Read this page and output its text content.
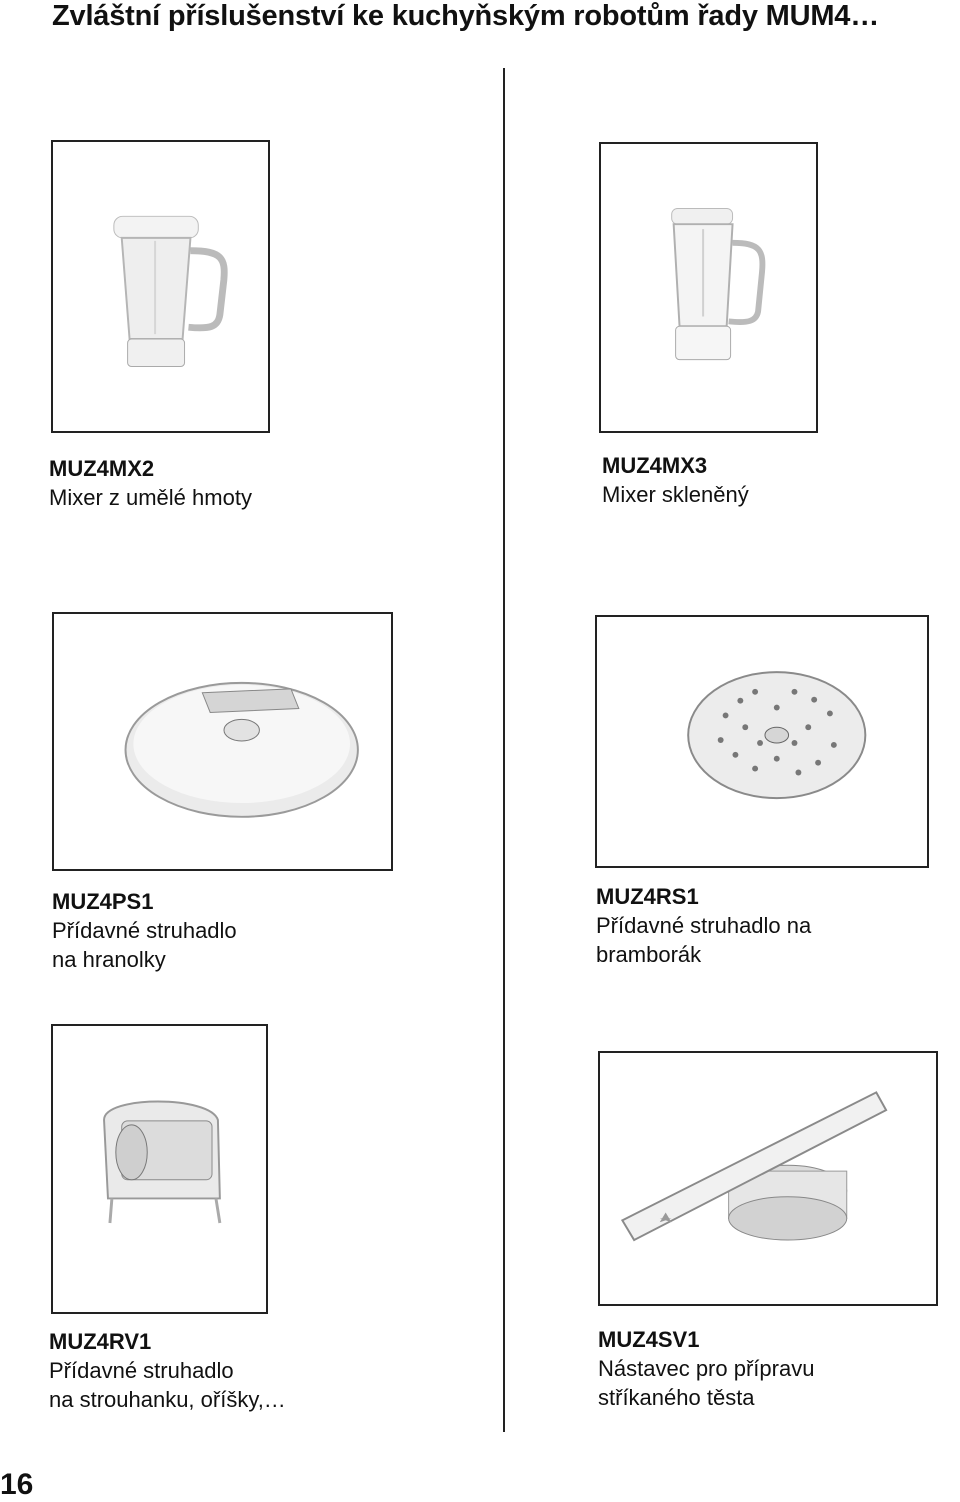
Zvláštní příslušenství ke kuchyňským robotům řady MUM4…
MUZ4MX2
Mixer z umělé hmoty
MUZ4MX3
Mixer skleněný
MUZ4PS1
Přídavné struhadlo
na hranolky
MUZ4RS1
Přídavné struhadlo na
bramborák
MUZ4RV1
Přídavné struhadlo
na strouhanku, oříšky,…
MUZ4SV1
Nástavec pro přípravu
stříkaného těsta
16
